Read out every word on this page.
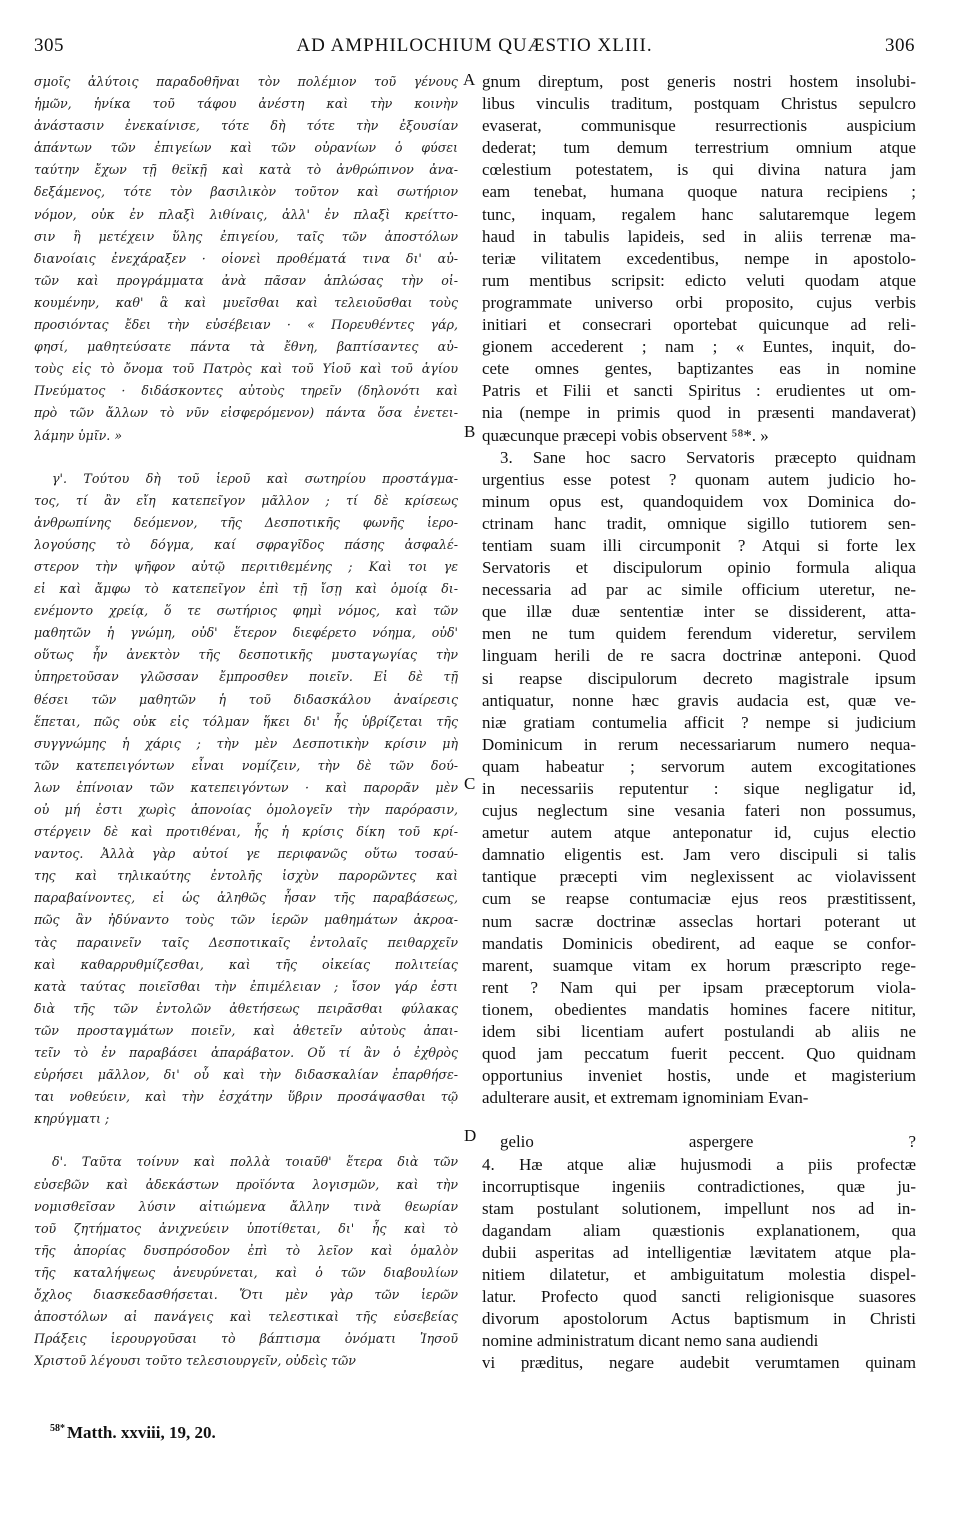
305	AD AMPHILOCHIUM QUÆSTIO XLIII.	306
σμοῖς ἀλύτοις παραδοθῆναι τὸν πολέμιον τοῦ γένους
ἡμῶν, ἡνίκα τοῦ τάφου ἀνέστη καὶ τὴν κοινὴν
ἀνάστασιν ἐνεκαίνισε, τότε δὴ τότε τὴν ἐξουσίαν
ἁπάντων τῶν ἐπιγείων καὶ τῶν οὐρανίων ὁ φύσει
ταύτην ἔχων τῇ θεϊκῇ καὶ κατὰ τὸ ἀνθρώπινον ἀνα-
δεξάμενος, τότε τὸν βασιλικὸν τοῦτον καὶ σωτήριον
νόμον, οὐκ ἐν πλαξὶ λιθίναις, ἀλλ' ἐν πλαξὶ κρείττο-
σιν ἢ μετέχειν ὕλης ἐπιγείου, ταῖς τῶν ἀποστόλων
διανοίαις ἐνεχάραξεν · οἱονεὶ προθέματά τινα δι' αὐ-
τῶν καὶ προγράμματα ἀνὰ πᾶσαν ἁπλώσας τὴν οἰ-
κουμένην, καθ' ἃ καὶ μυεῖσθαι καὶ τελειοῦσθαι τοὺς
προσιόντας ἔδει τὴν εὐσέβειαν · « Πορευθέντες γάρ,
φησί, μαθητεύσατε πάντα τὰ ἔθνη, βαπτίσαντες αὐ-
τοὺς εἰς τὸ ὄνομα τοῦ Πατρὸς καὶ τοῦ Υἱοῦ καὶ τοῦ ἁγίου
Πνεύματος · διδάσκοντες αὐτοὺς τηρεῖν (δηλονότι καὶ
πρὸ τῶν ἄλλων τὸ νῦν εἰσφερόμενον) πάντα ὅσα ἐνετει-
λάμην ὑμῖν. »
γ'. Τούτου δὴ τοῦ ἱεροῦ καὶ σωτηρίου προστάγμα-
τος, τί ἂν εἴη κατεπεῖγον μᾶλλον ; τί δὲ κρίσεως
ἀνθρωπίνης δεόμενον, τῆς Δεσποτικῆς φωνῆς ἱερο-
λογούσης τὸ δόγμα, καί σφραγῖδος πάσης ἀσφαλέ-
στερον τὴν ψῆφον αὐτῷ περιτιθεμένης ; Καὶ τοι γε
εἰ καὶ ἄμφω τὸ κατεπεῖγον ἐπὶ τῇ ἴσῃ καὶ ὁμοίᾳ δι-
ενέμοντο χρείᾳ, ὅ τε σωτήριος φημὶ νόμος, καὶ τῶν
μαθητῶν ἡ γνώμη, οὐδ' ἕτερον διεφέρετο νόημα, οὐδ'
οὕτως ἦν ἀνεκτὸν τῆς δεσποτικῆς μυσταγωγίας τὴν
ὑπηρετοῦσαν γλῶσσαν ἔμπροσθεν ποιεῖν. Εἰ δὲ τῇ
θέσει τῶν μαθητῶν ἡ τοῦ διδασκάλου ἀναίρεσις
ἕπεται, πῶς οὐκ εἰς τόλμαν ἥκει δι' ἧς ὑβρίζεται τῆς
συγγνώμης ἡ χάρις ; τὴν μὲν Δεσποτικὴν κρίσιν μὴ
τῶν κατεπειγόντων εἶναι νομίζειν, τὴν δὲ τῶν δού-
λων ἐπίνοιαν τῶν κατεπειγόντων · καὶ παρορᾶν μὲν
οὐ μή ἐστι χωρὶς ἀπονοίας ὁμολογεῖν τὴν παρόρασιν,
στέργειν δὲ καὶ προτιθέναι, ἧς ἡ κρίσις δίκη τοῦ κρί-
ναντος. Ἀλλὰ γὰρ αὐτοί γε περιφανῶς οὕτω τοσαύ-
της καὶ τηλικαύτης ἐντολῆς ἰσχὺν παρορῶντες καὶ
παραβαίνοντες, εἰ ὡς ἀληθῶς ἦσαν τῆς παραβάσεως,
πῶς ἂν ἠδύναντο τοὺς τῶν ἱερῶν μαθημάτων ἀκροα-
τὰς παραινεῖν ταῖς Δεσποτικαῖς ἐντολαῖς πειθαρχεῖν
καὶ καθαρρυθμίζεσθαι, καὶ τῆς οἰκείας πολιτείας
κατὰ ταύτας ποιεῖσθαι τὴν ἐπιμέλειαν ; ἴσον γάρ ἐστι
διὰ τῆς τῶν ἐντολῶν ἀθετήσεως πειρᾶσθαι φύλακας
τῶν προσταγμάτων ποιεῖν, καὶ ἀθετεῖν αὐτοὺς ἀπαι-
τεῖν τὸ ἐν παραβάσει ἀπαράβατον. Οὔ τί ἂν ὁ ἐχθρὸς
εὑρήσει μᾶλλον, δι' οὗ καὶ τὴν διδασκαλίαν ἐπαρθήσε-
ται νοθεύειν, καὶ τὴν ἐσχάτην ὕβριν προσάψασθαι τῷ
κηρύγματι ;
δ'. Ταῦτα τοίνυν καὶ πολλὰ τοιαῦθ' ἕτερα διὰ τῶν
εὐσεβῶν καὶ ἀδεκάστων προϊόντα λογισμῶν, καὶ τὴν
νομισθεῖσαν λύσιν αἰτιώμενα ἄλλην τινὰ θεωρίαν
τοῦ ζητήματος ἀνιχνεύειν ὑποτίθεται, δι' ἧς καὶ τὸ
τῆς ἀπορίας δυσπρόσοδον ἐπὶ τὸ λεῖον καὶ ὁμαλὸν
τῆς καταλήψεως ἀνευρύνεται, καὶ ὁ τῶν διαβουλίων
ὄχλος διασκεδασθήσεται. Ὅτι μὲν γὰρ τῶν ἱερῶν
ἀποστόλων αἱ πανάγεις καὶ τελεστικαὶ τῆς εὐσεβείας
Πράξεις ἱερουργοῦσαι τὸ βάπτισμα ὀνόματι Ἰησοῦ
Χριστοῦ λέγουσι τοῦτο τελεσιουργεῖν, οὐδεὶς τῶν
gnum direptum, post generis nostri hostem insolubi-
libus vinculis traditum, postquam Christus sepulcro
evaserat, communisque resurrectionis auspicium
dederat; tum demum terrestrium omnium atque
cœlestium potestatem, is qui divina natura jam
eam tenebat, humana quoque natura recipiens ;
tunc, inquam, regalem hanc salutaremque legem
haud in tabulis lapideis, sed in aliis terrenæ ma-
teriæ vilitatem excedentibus, nempe in apostolo-
rum mentibus scripsit: edicto veluti quodam atque
programmate universo orbi proposito, cujus verbis
initiari et consecrari oportebat quicunque ad reli-
gionem accederent ; nam ; « Euntes, inquit, do-
cete omnes gentes, baptizantes eas in nomine
Patris et Filii et sancti Spiritus : erudientes ut om-
nia (nempe in primis quod in præsenti mandaverat)
quæcunque præcepi vobis observent ⁵⁸*. »
3. Sane hoc sacro Servatoris præcepto quidnam
urgentius esse potest ? quonam autem judicio ho-
minum opus est, quandoquidem vox Dominica do-
ctrinam hanc tradit, omnique sigillo tutiorem sen-
tentiam suam illi circumponit ? Atqui si forte lex
Servatoris et discipulorum opinio formula aliqua
necessaria ad par ac simile officium uteretur, ne-
que illæ duæ sententiæ inter se dissiderent, atta-
men ne tum quidem ferendum videretur, servilem
linguam herili de re sacra doctrinæ anteponi. Quod
si reapse discipulorum decreto magistrale ipsum
antiquatur, nonne hæc gravis audacia est, quæ ve-
niæ gratiam contumelia afficit ? nempe si judicium
Dominicum in rerum necessariarum numero nequa-
quam habeatur ; servorum autem excogitationes
in necessariis reputentur : sique negligatur id,
cujus neglectum sine vesania fateri non possumus,
ametur autem atque anteponatur id, cujus electio
damnatio eligentis est. Jam vero discipuli si talis
tantique præcepti vim neglexissent ac violavissent
cum se reapse contumaciæ ejus reos præstitissent,
num sacræ doctrinæ asseclas hortari poterant ut
mandatis Dominicis obedirent, ad eaque se confor-
marent, suamque vitam ex horum præscripto rege-
rent ? Nam qui per ipsam præceptorum viola-
tionem, obedientes mandatis homines facere nititur,
idem sibi licentiam aufert postulandi ab aliis ne
quod jam peccatum fuerit peccent. Quo quidnam
opportunius inveniet hostis, unde et magisterium
adulterare ausit, et extremam ignominiam Evan-
gelio aspergere ?
4. Hæ atque aliæ hujusmodi a piis profectæ
incorruptisque ingeniis contradictiones, quæ ju-
stam postulant solutionem, impellunt nos ad in-
dagandam aliam quæstionis explanationem, qua
dubii asperitas ad intelligentiæ lævitatem atque pla-
nitiem dilatetur, et ambiguitatum molestia dispel-
latur. Profecto quod sancti religionisque suasores
divorum apostolorum Actus baptismum in Christi
nomine administratum dicant nemo sana audiendi
vi præditus, negare audebit verumtamen quinam
A
B
C
D
$^{58*}$ Matth. xxviii, 19, 20.
